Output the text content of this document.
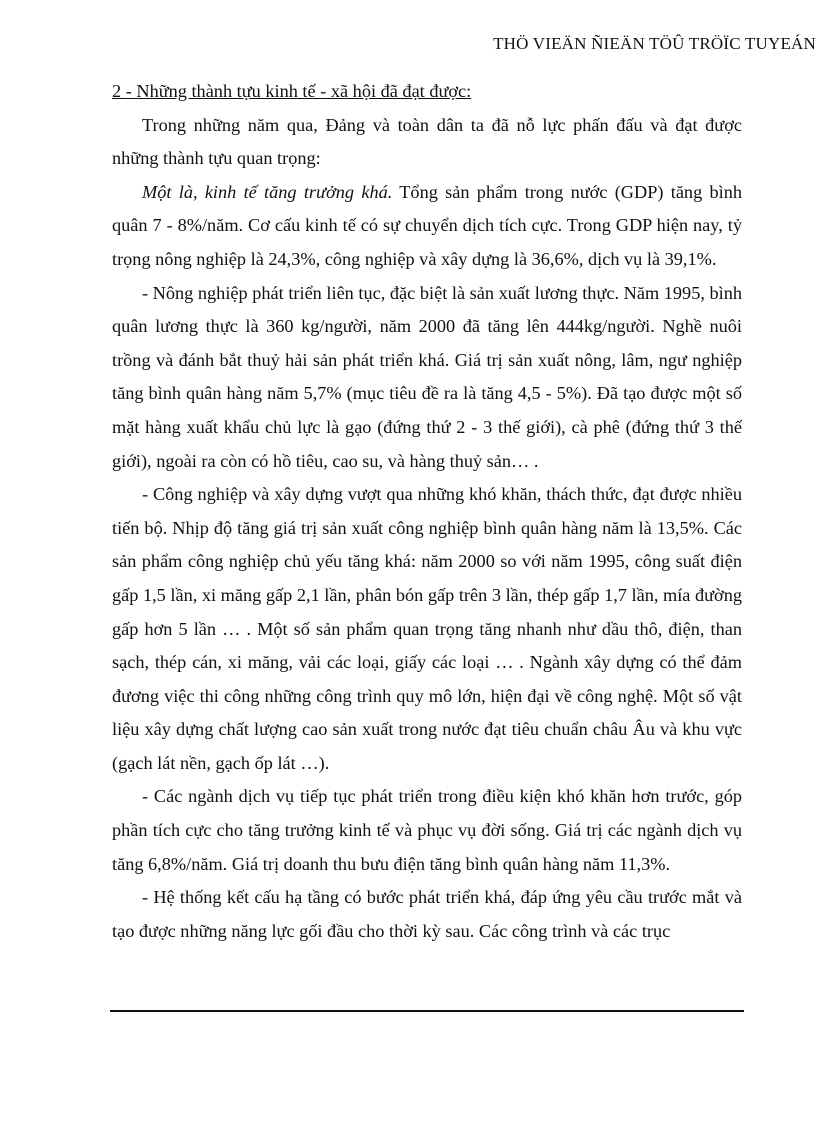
THÖ VIEÄN ÑIEÄN TÖÛ TRÖÏC TUYEÁN

2 - Những thành tựu kinh tế - xã hội đã đạt được:

Trong những năm qua, Đảng và toàn dân ta đã nỗ lực phấn đấu và đạt được những thành tựu quan trọng:

Một là, kinh tế tăng trưởng khá. Tổng sản phẩm trong nước (GDP) tăng bình quân 7 - 8%/năm. Cơ cấu kinh tế có sự chuyển dịch tích cực. Trong GDP hiện nay, tỷ trọng nông nghiệp là 24,3%, công nghiệp và xây dựng là 36,6%, dịch vụ là 39,1%.

- Nông nghiệp phát triển liên tục, đặc biệt là sản xuất lương thực. Năm 1995, bình quân lương thực là 360 kg/người, năm 2000 đã tăng lên 444kg/người. Nghề nuôi trồng và đánh bắt thuỷ hải sản phát triển khá. Giá trị sản xuất nông, lâm, ngư nghiệp tăng bình quân hàng năm 5,7% (mục tiêu đề ra là tăng 4,5 - 5%). Đã tạo được một số mặt hàng xuất khẩu chủ lực là gạo (đứng thứ 2 - 3 thế giới), cà phê (đứng thứ 3 thế giới), ngoài ra còn có hồ tiêu, cao su, và hàng thuỷ sản… .

- Công nghiệp và xây dựng vượt qua những khó khăn, thách thức, đạt được nhiều tiến bộ. Nhịp độ tăng giá trị sản xuất công nghiệp bình quân hàng năm là 13,5%. Các sản phẩm công nghiệp chủ yếu tăng khá: năm 2000 so với năm 1995, công suất điện gấp 1,5 lần, xi măng gấp 2,1 lần, phân bón gấp trên 3 lần, thép gấp 1,7 lần, mía đường gấp hơn 5 lần … . Một số sản phẩm quan trọng tăng nhanh như dầu thô, điện, than sạch, thép cán, xi măng, vải các loại, giấy các loại … . Ngành xây dựng có thể đảm đương việc thi công những công trình quy mô lớn, hiện đại về công nghệ. Một số vật liệu xây dựng chất lượng cao sản xuất trong nước đạt tiêu chuẩn châu Âu và khu vực (gạch lát nền, gạch ốp lát …).

- Các ngành dịch vụ tiếp tục phát triển trong điều kiện khó khăn hơn trước, góp phần tích cực cho tăng trưởng kinh tế và phục vụ đời sống. Giá trị các ngành dịch vụ tăng 6,8%/năm. Giá trị doanh thu bưu điện tăng bình quân hàng năm 11,3%.

- Hệ thống kết cấu hạ tầng có bước phát triển khá, đáp ứng yêu cầu trước mắt và tạo được những năng lực gối đầu cho thời kỳ sau. Các công trình và các trục
